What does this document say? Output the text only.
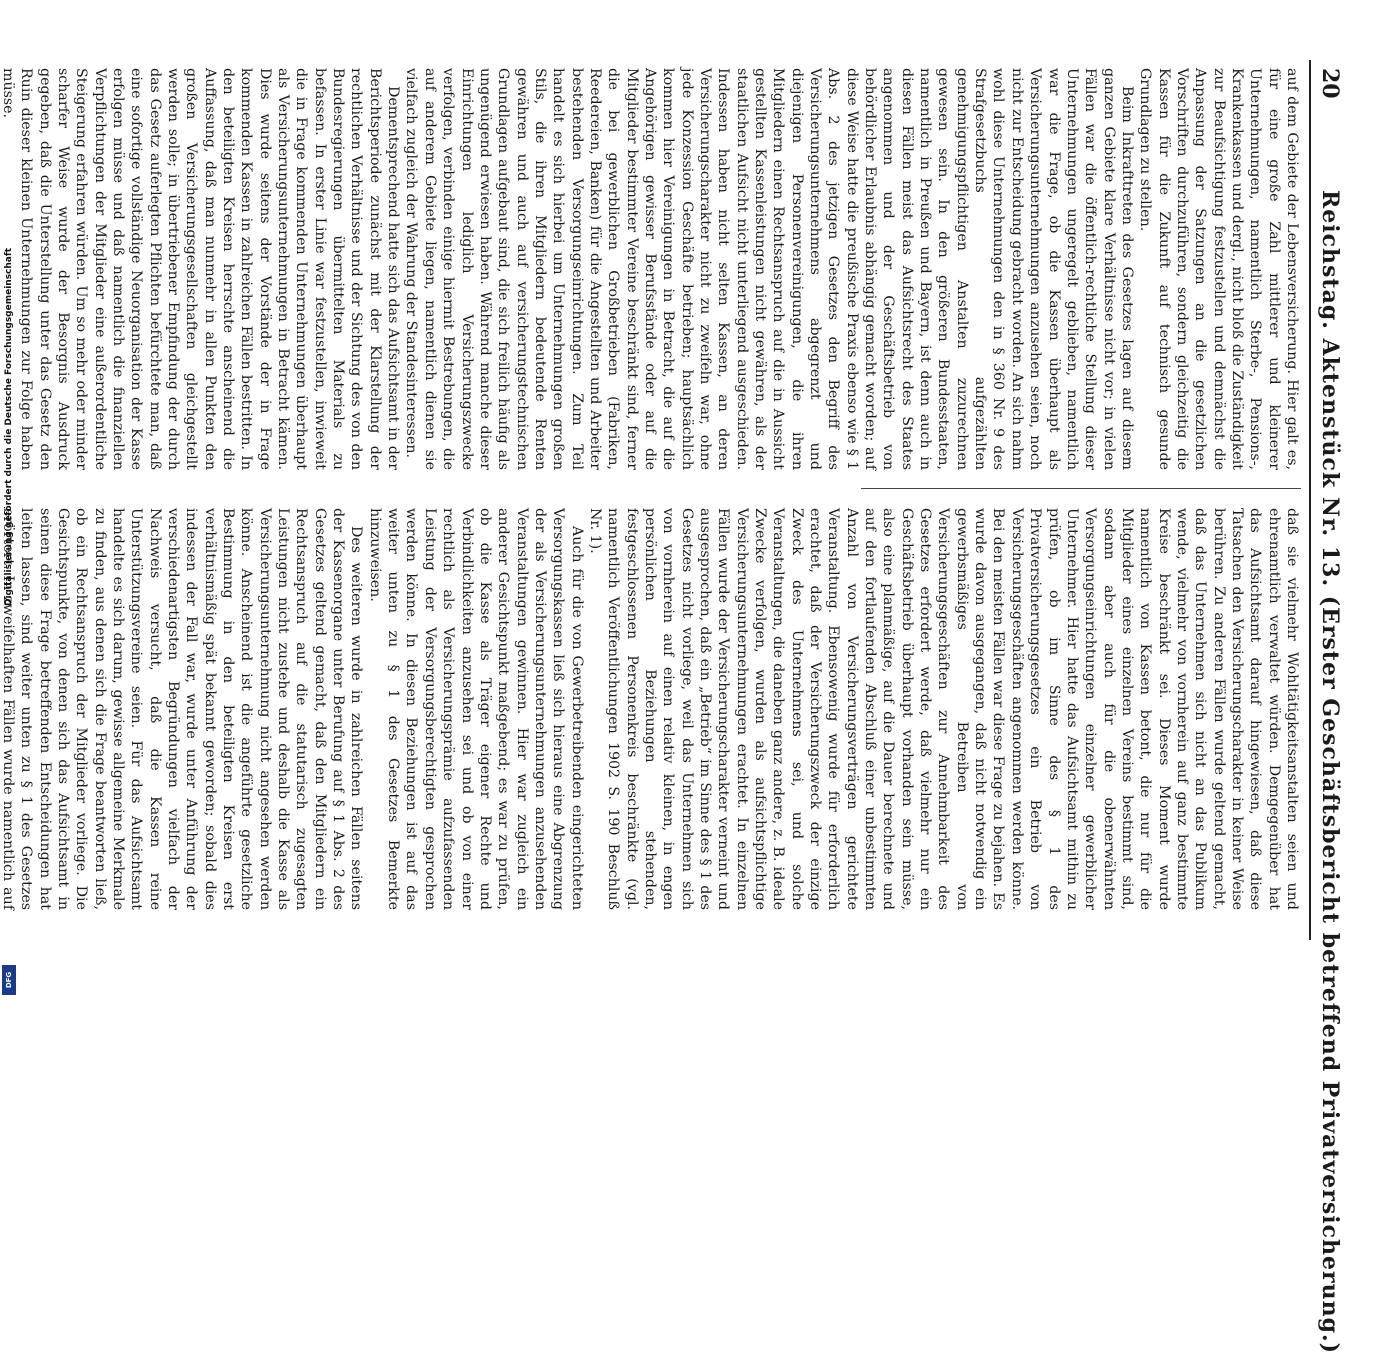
20
Reichstag. Aktenstück Nr. 13. (Erster Geschäftsbericht betreffend Privatversicherung.)

auf dem Gebiete der Lebensversicherung. Hier galt es, für eine große Zahl mittlerer und kleinerer Unternehmungen, namentlich Sterbe-, Pensions-, Krankenkassen und dergl., nicht bloß die Zuständigkeit zur Beaufsichtigung festzustellen und demnächst die Anpassung der Satzungen an die gesetzlichen Vorschriften durchzuführen, sondern gleichzeitig die Kassen für die Zukunft auf technisch gesunde Grundlagen zu stellen.

Beim Inkrafttreten des Gesetzes lagen auf diesem ganzen Gebiete klare Verhältnisse nicht vor; in vielen Fällen war die öffentlich-rechtliche Stellung dieser Unternehmungen ungeregelt geblieben, namentlich war die Frage, ob die Kassen überhaupt als Versicherungsunternehmungen anzusehen seien, noch nicht zur Entscheidung gebracht worden. An sich nahm wohl diese Unternehmungen den in § 360 Nr. 9 des Strafgesetzbuchs aufgezählten genehmigungspflichtigen Anstalten zuzurechnen gewesen sein. In den größeren Bundesstaaten, namentlich in Preußen und Bayern, ist denn auch in diesen Fällen meist das Aufsichtsrecht des Staates angenommen und der Geschäftsbetrieb von behördlicher Erlaubnis abhängig gemacht worden; auf diese Weise hatte die preußische Praxis ebenso wie § 1 Abs. 2 des jetzigen Gesetzes den Begriff des Versicherungsunternehmens abgegrenzt und diejenigen Personenvereinigungen, die ihren Mitgliedern einen Rechtsanspruch auf die in Aussicht gestellten Kassenleistungen nicht gewähren, als der staatlichen Aufsicht nicht unterliegend ausgeschieden. Indessen haben nicht selten Kassen, an deren Versicherungscharakter nicht zu zweifeln war, ohne jede Konzession Geschäfte betrieben; hauptsächlich kommen hier Vereinigungen in Betracht, die auf die Angehörigen gewisser Berufsstände oder auf die Mitglieder bestimmter Vereine beschränkt sind, ferner die bei gewerblichen Großbetrieben (Fabriken, Reedereien, Banken) für die Angestellten und Arbeiter bestehenden Versorgungseinrichtungen. Zum Teil handelt es sich hierbei um Unternehmungen großen Stils, die ihren Mitgliedern bedeutende Renten gewähren und auch auf versicherungstechnischen Grundlagen aufgebaut sind, die sich freilich häufig als ungenügend erwiesen haben. Während manche dieser Einrichtungen lediglich Versicherungszwecke verfolgen, verbinden einige hiermit Bestrebungen, die auf anderem Gebiete liegen, namentlich dienen sie vielfach zugleich der Wahrung der Standesinteressen.

Dementsprechend hatte sich das Aufsichtsamt in der Berichtsperiode zunächst mit der Klarstellung der rechtlichen Verhältnisse und der Sichtung des von den Bundesregierungen übermittelten Materials zu befassen. In erster Linie war festzustellen, inwieweit die in Frage kommenden Unternehmungen überhaupt als Versicherungsunternehmungen in Betracht kämen. Dies wurde seitens der Vorstände der in Frage kommenden Kassen in zahlreichen Fällen bestritten. In den beteiligten Kreisen herrschte anscheinend die Auffassung, daß man nunmehr in allen Punkten den großen Versicherungsgesellschaften gleichgestellt werden solle; in übertriebener Empfindung der durch das Gesetz auferlegten Pflichten befürchtete man, daß eine sofortige vollständige Neuorganisation der Kasse erfolgen müsse und daß namentlich die finanziellen Verpflichtungen der Mitglieder eine außerordentliche Steigerung erfahren würden. Um so mehr oder minder scharfer Weise wurde der Besorgnis Ausdruck gegeben, daß die Unterstellung unter das Gesetz den Ruin dieser kleinen Unternehmungen zur Folge haben müsse.

daß sie vielmehr Wohltätigkeitsanstalten seien und ehrenamtlich verwaltet würden. Demgegenüber hat das Aufsichtsamt darauf hingewiesen, daß diese Tatsachen den Versicherungscharakter in keiner Weise berühren. Zu anderen Fällen wurde geltend gemacht, daß das Unternehmen sich nicht an das Publikum wende, vielmehr von vornherein auf ganz bestimmte Kreise beschränkt sei. Dieses Moment wurde namentlich von Kassen betont, die nur für die Mitglieder eines einzelnen Vereins bestimmt sind, sodann aber auch für die obenerwähnten Versorgungseinrichtungen einzelner gewerblicher Unternehmer. Hier hatte das Aufsichtsamt mithin zu prüfen, ob im Sinne des § 1 des Privatversicherungsgesetzes ein Betrieb von Versicherungsgeschäften angenommen werden könne. Bei den meisten Fällen war diese Frage zu bejahen. Es wurde davon ausgegangen, daß nicht notwendig ein gewerbsmäßiges Betreiben von Versicherungsgeschäften zur Annehmbarkeit des Gesetzes erfordert werde, daß vielmehr nur ein Geschäftsbetrieb überhaupt vorhanden sein müsse, also eine planmäßige, auf die Dauer berechnete und auf den fortlaufenden Abschluß einer unbestimmten Anzahl von Versicherungsverträgen gerichtete Veranstaltung. Ebensowenig wurde für erforderlich erachtet, daß der Versicherungszweck der einzige Zweck des Unternehmens sei, und solche Veranstaltungen, die daneben ganz andere, z. B. ideale Zwecke verfolgen, wurden als aufsichtspflichtige Versicherungsunternehmungen erachtet. In einzelnen Fällen wurde der Versicherungscharakter verneint und ausgesprochen, daß ein „Betrieb“ im Sinne des § 1 des Gesetzes nicht vorliege, weil das Unternehmen sich von vornherein auf einen relativ kleinen, in engen persönlichen Beziehungen stehenden, festgeschlossenen Personenkreis beschränkte (vgl. namentlich Veröffentlichungen 1902 S. 190 Beschluß Nr. 1).

Auch für die von Gewerbetreibenden eingerichteten Versorgungskassen ließ sich hieraus eine Abgrenzung der als Versicherungsunternehmungen anzusehenden Veranstaltungen gewinnen. Hier war zugleich ein anderer Gesichtspunkt maßgebend; es war zu prüfen, ob die Kasse als Träger eigener Rechte und Verbindlichkeiten anzusehen sei und ob von einer rechtlich als Versicherungsprämie aufzufassenden Leistung der Versorgungsberechtigten gesprochen werden könne. In diesen Beziehungen ist auf das weiter unten zu § 1 des Gesetzes Bemerkte hinzuweisen.

Des weiteren wurde in zahlreichen Fällen seitens der Kassenorgane unter Berufung auf § 1 Abs. 2 des Gesetzes geltend gemacht, daß den Mitgliedern ein Rechtsanspruch auf die statutarisch zugesagten Leistungen nicht zustehe und deshalb die Kasse als Versicherungsunternehmung nicht angesehen werden könne. Anscheinend ist die angeführte gesetzliche Bestimmung in den beteiligten Kreisen erst verhältnismäßig spät bekannt geworden; sobald dies indessen der Fall war, wurde unter Anführung der verschiedenartigsten Begründungen vielfach der Nachweis versucht, daß die Kassen reine Unterstützungsvereine seien. Für das Aufsichtsamt handelte es sich darum, gewisse allgemeine Merkmale zu finden, aus denen sich die Frage beantworten ließ, ob ein Rechtsanspruch der Mitglieder vorliege. Die Gesichtspunkte, von denen sich das Aufsichtsamt in seinen diese Frage betreffenden Entscheidungen hat leiten lassen, sind weiter unten zu § 1 des Gesetzes erörtert. In zweifelhaften Fällen wurde namentlich auf

Digitalisierung gefördert durch die Deutsche Forschungsgemeinschaft
DFG
